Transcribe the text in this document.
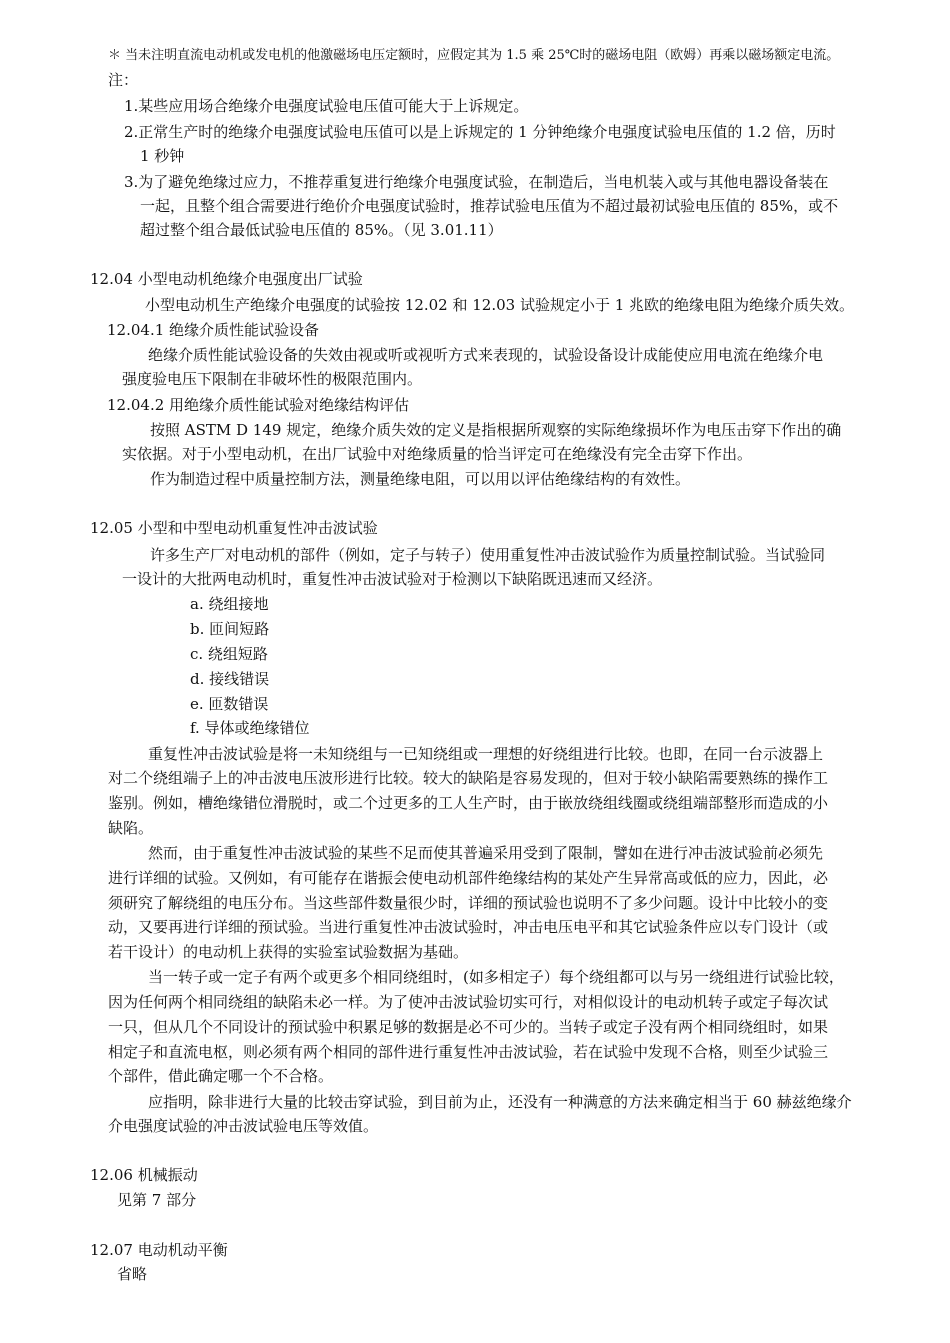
＊ 当未注明直流电动机或发电机的他激磁场电压定额时，应假定其为 1.5 乘 25℃时的磁场电阻（欧姆）再乘以磁场额定电流。
注：
1.某些应用场合绝缘介电强度试验电压值可能大于上诉规定。
2.正常生产时的绝缘介电强度试验电压值可以是上诉规定的 1 分钟绝缘介电强度试验电压值的 1.2 倍，历时
1 秒钟
3.为了避免绝缘过应力，不推荐重复进行绝缘介电强度试验，在制造后，当电机装入或与其他电器设备装在
一起，且整个组合需要进行绝价介电强度试验时，推荐试验电压值为不超过最初试验电压值的 85%，或不
超过整个组合最低试验电压值的 85%。（见 3.01.11）
12.04 小型电动机绝缘介电强度出厂试验
小型电动机生产绝缘介电强度的试验按 12.02 和 12.03 试验规定小于 1 兆欧的绝缘电阻为绝缘介质失效。
12.04.1 绝缘介质性能试验设备
绝缘介质性能试验设备的失效由视或听或视听方式来表现的，试验设备设计成能使应用电流在绝缘介电
强度验电压下限制在非破坏性的极限范围内。
12.04.2 用绝缘介质性能试验对绝缘结构评估
按照 ASTM D 149 规定，绝缘介质失效的定义是指根据所观察的实际绝缘损坏作为电压击穿下作出的确
实依据。对于小型电动机，在出厂试验中对绝缘质量的恰当评定可在绝缘没有完全击穿下作出。
作为制造过程中质量控制方法，测量绝缘电阻，可以用以评估绝缘结构的有效性。
12.05 小型和中型电动机重复性冲击波试验
许多生产厂对电动机的部件（例如，定子与转子）使用重复性冲击波试验作为质量控制试验。当试验同
一设计的大批两电动机时，重复性冲击波试验对于检测以下缺陷既迅速而又经济。
a. 绕组接地
b. 匝间短路
c. 绕组短路
d. 接线错误
e. 匝数错误
f. 导体或绝缘错位
重复性冲击波试验是将一未知绕组与一已知绕组或一理想的好绕组进行比较。也即，在同一台示波器上
对二个绕组端子上的冲击波电压波形进行比较。较大的缺陷是容易发现的，但对于较小缺陷需要熟练的操作工
鉴别。例如，槽绝缘错位滑脱时，或二个过更多的工人生产时，由于嵌放绕组线圈或绕组端部整形而造成的小
缺陷。
然而，由于重复性冲击波试验的某些不足而使其普遍采用受到了限制，譬如在进行冲击波试验前必须先
进行详细的试验。又例如，有可能存在谐振会使电动机部件绝缘结构的某处产生异常高或低的应力，因此，必
须研究了解绕组的电压分布。当这些部件数量很少时，详细的预试验也说明不了多少问题。设计中比较小的变
动，又要再进行详细的预试验。当进行重复性冲击波试验时，冲击电压电平和其它试验条件应以专门设计（或
若干设计）的电动机上获得的实验室试验数据为基础。
当一转子或一定子有两个或更多个相同绕组时，(如多相定子）每个绕组都可以与另一绕组进行试验比较，
因为任何两个相同绕组的缺陷未必一样。为了使冲击波试验切实可行，对相似设计的电动机转子或定子每次试
一只，但从几个不同设计的预试验中积累足够的数据是必不可少的。当转子或定子没有两个相同绕组时，如果
相定子和直流电枢，则必须有两个相同的部件进行重复性冲击波试验，若在试验中发现不合格，则至少试验三
个部件，借此确定哪一个不合格。
应指明，除非进行大量的比较击穿试验，到目前为止，还没有一种满意的方法来确定相当于 60 赫兹绝缘介
介电强度试验的冲击波试验电压等效值。
12.06 机械振动
见第 7 部分
12.07 电动机动平衡
省略
